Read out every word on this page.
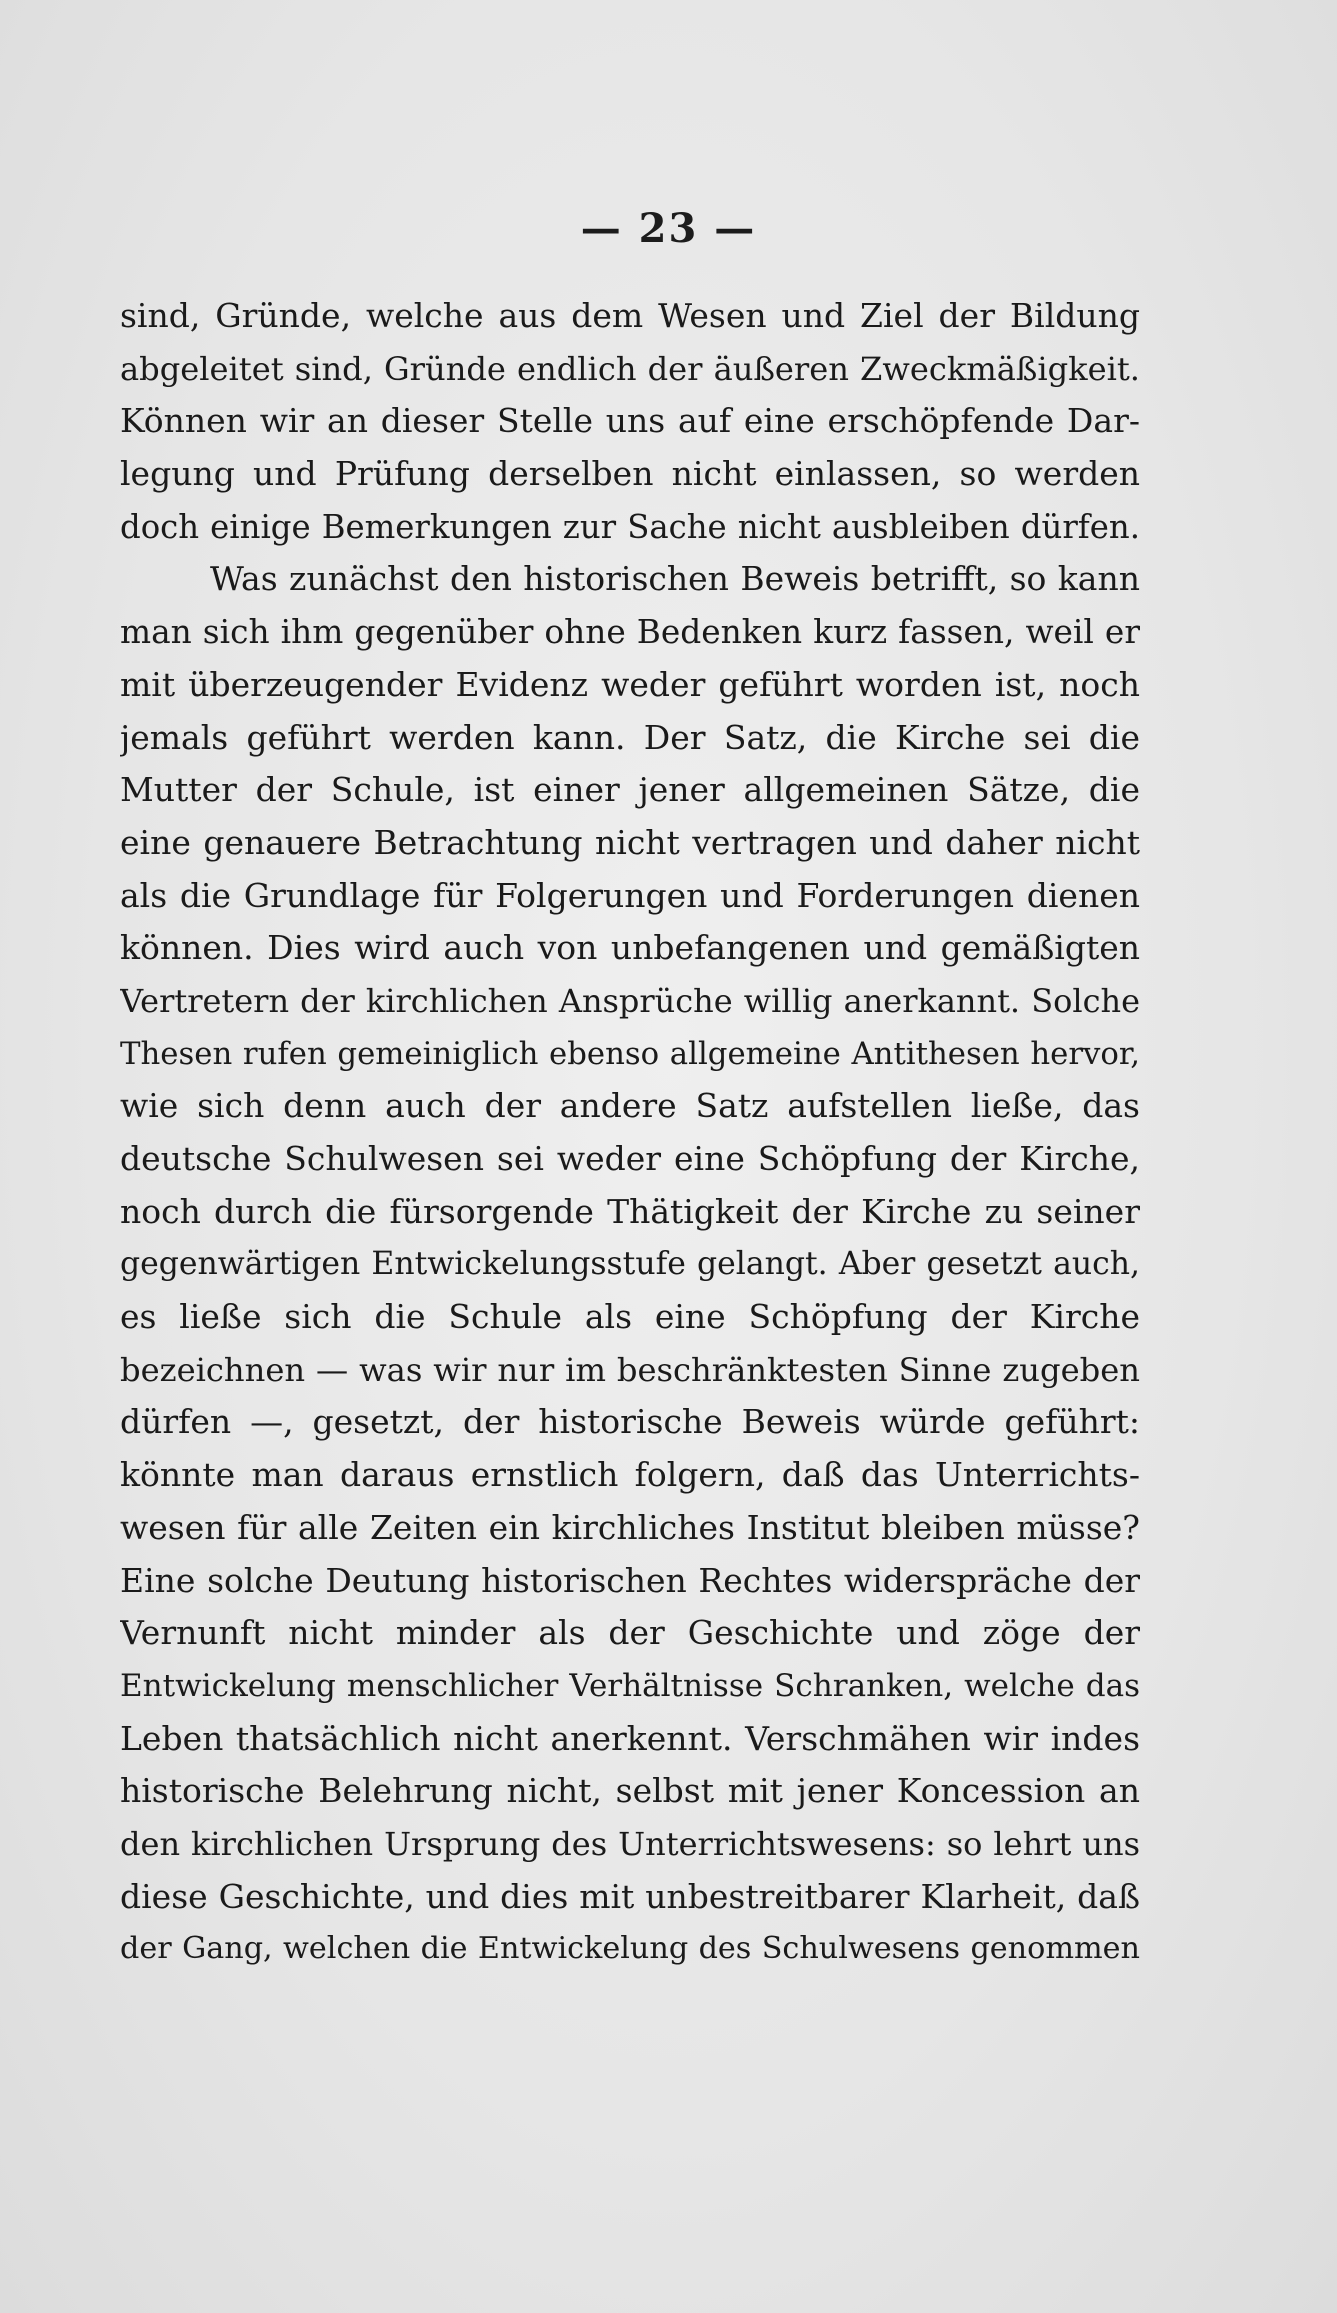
— 23 —
sind, Gründe, welche aus dem Wesen und Ziel der Bildung
abgeleitet sind, Gründe endlich der äußeren Zweckmäßigkeit.
Können wir an dieser Stelle uns auf eine erschöpfende Dar-
legung und Prüfung derselben nicht einlassen, so werden
doch einige Bemerkungen zur Sache nicht ausbleiben dürfen.
Was zunächst den historischen Beweis betrifft, so kann
man sich ihm gegenüber ohne Bedenken kurz fassen, weil er
mit überzeugender Evidenz weder geführt worden ist, noch
jemals geführt werden kann. Der Satz, die Kirche sei die
Mutter der Schule, ist einer jener allgemeinen Sätze, die
eine genauere Betrachtung nicht vertragen und daher nicht
als die Grundlage für Folgerungen und Forderungen dienen
können. Dies wird auch von unbefangenen und gemäßigten
Vertretern der kirchlichen Ansprüche willig anerkannt. Solche
Thesen rufen gemeiniglich ebenso allgemeine Antithesen hervor,
wie sich denn auch der andere Satz aufstellen ließe, das
deutsche Schulwesen sei weder eine Schöpfung der Kirche,
noch durch die fürsorgende Thätigkeit der Kirche zu seiner
gegenwärtigen Entwickelungsstufe gelangt. Aber gesetzt auch,
es ließe sich die Schule als eine Schöpfung der Kirche
bezeichnen — was wir nur im beschränktesten Sinne zugeben
dürfen —, gesetzt, der historische Beweis würde geführt:
könnte man daraus ernstlich folgern, daß das Unterrichts-
wesen für alle Zeiten ein kirchliches Institut bleiben müsse?
Eine solche Deutung historischen Rechtes widerspräche der
Vernunft nicht minder als der Geschichte und zöge der
Entwickelung menschlicher Verhältnisse Schranken, welche das
Leben thatsächlich nicht anerkennt. Verschmähen wir indes
historische Belehrung nicht, selbst mit jener Koncession an
den kirchlichen Ursprung des Unterrichtswesens: so lehrt uns
diese Geschichte, und dies mit unbestreitbarer Klarheit, daß
der Gang, welchen die Entwickelung des Schulwesens genommen
